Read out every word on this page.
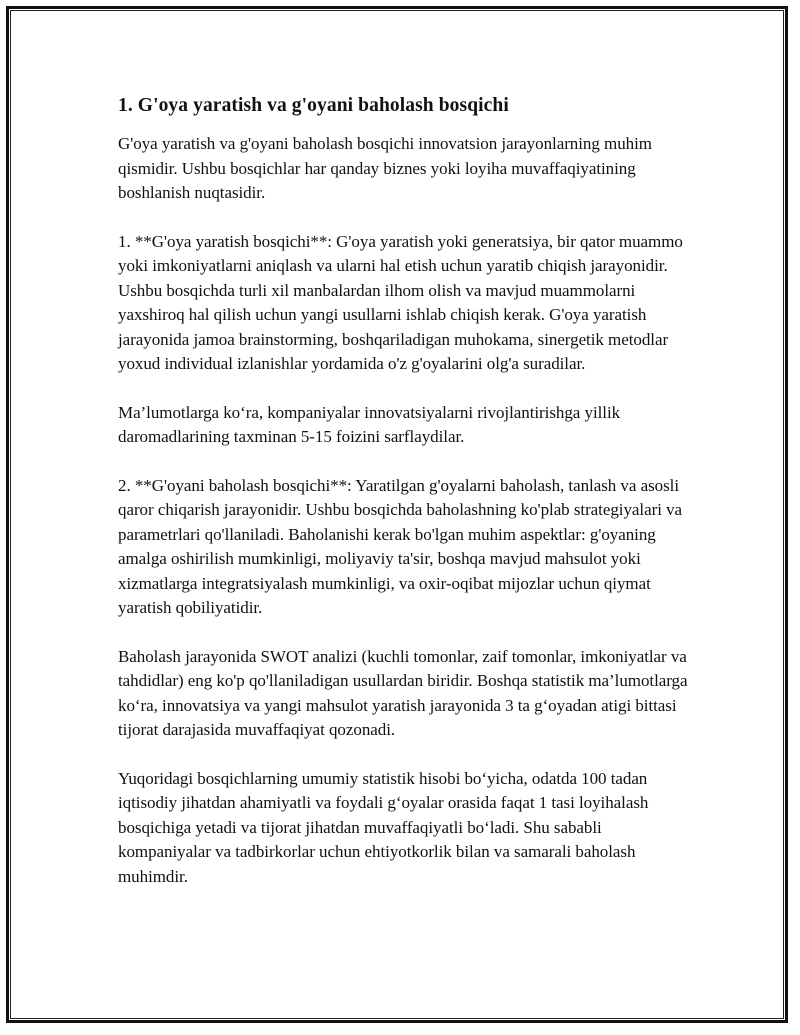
1. G'oya yaratish va g'oyani baholash bosqichi

G'oya yaratish va g'oyani baholash bosqichi innovatsion jarayonlarning muhim qismidir. Ushbu bosqichlar har qanday biznes yoki loyiha muvaffaqiyatining boshlanish nuqtasidir.

1. **G'oya yaratish bosqichi**: G'oya yaratish yoki generatsiya, bir qator muammo yoki imkoniyatlarni aniqlash va ularni hal etish uchun yaratib chiqish jarayonidir. Ushbu bosqichda turli xil manbalardan ilhom olish va mavjud muammolarni yaxshiroq hal qilish uchun yangi usullarni ishlab chiqish kerak. G'oya yaratish jarayonida jamoa brainstorming, boshqariladigan muhokama, sinergetik metodlar yoxud individual izlanishlar yordamida o'z g'oyalarini olg'a suradilar.

Ma’lumotlarga ko‘ra, kompaniyalar innovatsiyalarni rivojlantirishga yillik daromadlarining taxminan 5-15 foizini sarflaydilar.

2. **G'oyani baholash bosqichi**: Yaratilgan g'oyalarni baholash, tanlash va asosli qaror chiqarish jarayonidir. Ushbu bosqichda baholashning ko'plab strategiyalari va parametrlari qo'llaniladi. Baholanishi kerak bo'lgan muhim aspektlar: g'oyaning amalga oshirilish mumkinligi, moliyaviy ta'sir, boshqa mavjud mahsulot yoki xizmatlarga integratsiyalash mumkinligi, va oxir-oqibat mijozlar uchun qiymat yaratish qobiliyatidir.

Baholash jarayonida SWOT analizi (kuchli tomonlar, zaif tomonlar, imkoniyatlar va tahdidlar) eng ko'p qo'llaniladigan usullardan biridir. Boshqa statistik ma’lumotlarga ko‘ra, innovatsiya va yangi mahsulot yaratish jarayonida 3 ta g‘oyadan atigi bittasi tijorat darajasida muvaffaqiyat qozonadi.

Yuqoridagi bosqichlarning umumiy statistik hisobi bo‘yicha, odatda 100 tadan iqtisodiy jihatdan ahamiyatli va foydali g‘oyalar orasida faqat 1 tasi loyihalash bosqichiga yetadi va tijorat jihatdan muvaffaqiyatli bo‘ladi. Shu sababli kompaniyalar va tadbirkorlar uchun ehtiyotkorlik bilan va samarali baholash muhimdir.
